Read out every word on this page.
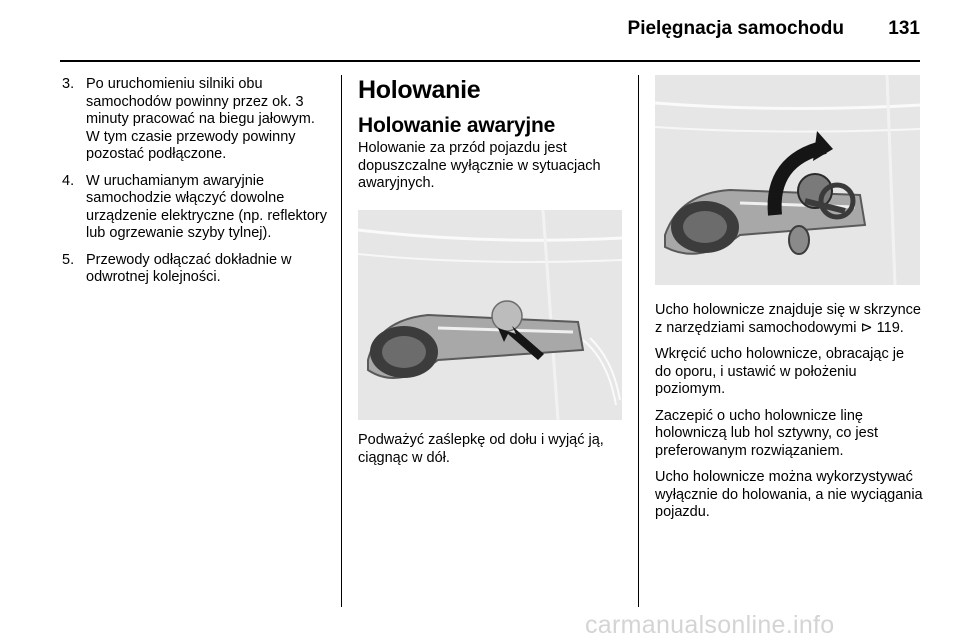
Pielęgnacja samochodu	131
3. Po uruchomieniu silniki obu samochodów powinny przez ok. 3 minuty pracować na biegu jałowym. W tym czasie przewody powinny pozostać podłączone.
4. W uruchamianym awaryjnie samochodzie włączyć dowolne urządzenie elektryczne (np. reflektory lub ogrzewanie szyby tylnej).
5. Przewody odłączać dokładnie w odwrotnej kolejności.
Holowanie
Holowanie awaryjne

Holowanie za przód pojazdu jest dopuszczalne wyłącznie w sytuacjach awaryjnych.

Podważyć zaślepkę od dołu i wyjąć ją, ciągnąc w dół.

Ucho holownicze znajduje się w skrzynce z narzędziami samochodowymi ⊳ 119.

Wkręcić ucho holownicze, obracając je do oporu, i ustawić w położeniu poziomym.

Zaczepić o ucho holownicze linę holowniczą lub hol sztywny, co jest preferowanym rozwiązaniem.

Ucho holownicze można wykorzystywać wyłącznie do holowania, a nie wyciągania pojazdu.

carmanualsonline.info
